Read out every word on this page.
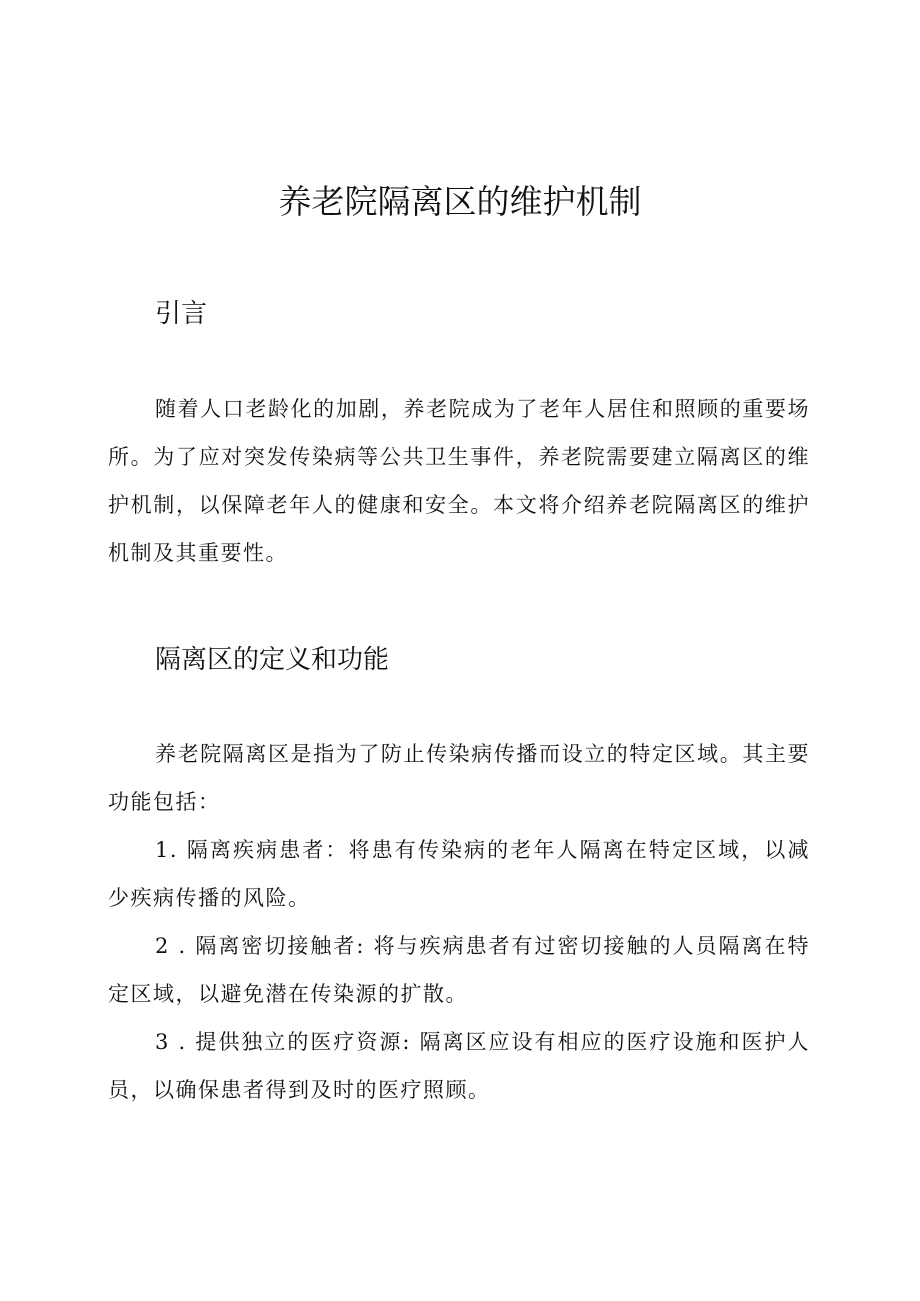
养老院隔离区的维护机制
引言

随着人口老龄化的加剧，养老院成为了老年人居住和照顾的重要场所。为了应对突发传染病等公共卫生事件，养老院需要建立隔离区的维护机制，以保障老年人的健康和安全。本文将介绍养老院隔离区的维护机制及其重要性。

隔离区的定义和功能

养老院隔离区是指为了防止传染病传播而设立的特定区域。其主要功能包括：

1. 隔离疾病患者：将患有传染病的老年人隔离在特定区域，以减少疾病传播的风险。

2 . 隔离密切接触者: 将与疾病患者有过密切接触的人员隔离在特定区域，以避免潜在传染源的扩散。

3 . 提供独立的医疗资源: 隔离区应设有相应的医疗设施和医护人员，以确保患者得到及时的医疗照顾。
